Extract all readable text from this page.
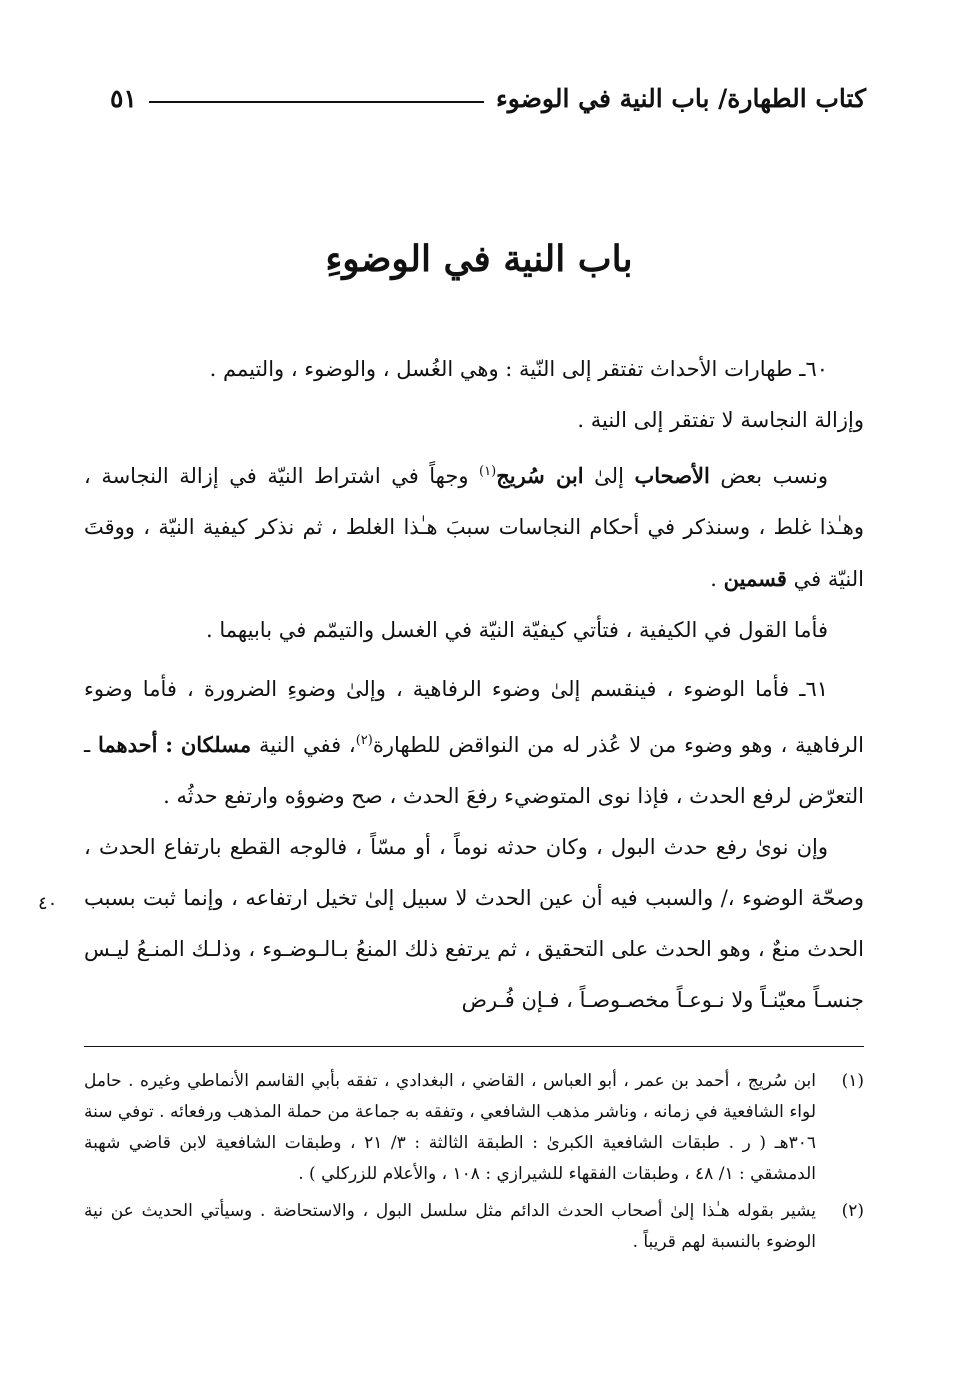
كتاب الطهارة/ باب النية في الوضوء
٥١
باب النية في الوضوءِ

٦٠ـ طهارات الأحداث تفتقر إلى النّية : وهي الغُسل ، والوضوء ، والتيمم .

وإزالة النجاسة لا تفتقر إلى النية .

ونسب بعض الأصحاب إلىٰ ابن سُريج$^{(١)}$ وجهاً في اشتراط النيّة في إزالة النجاسة ، وهـٰذا غلط ، وسنذكر في أحكام النجاسات سببَ هـٰذا الغلط ، ثم نذكر كيفية النيّة ، ووقتَ النيّة في قسمين .

فأما القول في الكيفية ، فتأتي كيفيّة النيّة في الغسل والتيمّم في بابيهما .

٦١ـ فأما الوضوء ، فينقسم إلىٰ وضوء الرفاهية ، وإلىٰ وضوءِ الضرورة ، فأما وضوء الرفاهية ، وهو وضوء من لا عُذر له من النواقض للطهارة$^{(٢)}$، ففي النية مسلكان : أحدهما ـ التعرّض لرفع الحدث ، فإذا نوى المتوضيء رفعَ الحدث ، صح وضوؤه وارتفع حدثُه .

وإن نوىٰ رفع حدث البول ، وكان حدثه نوماً ، أو مسّاً ، فالوجه القطع بارتفاع الحدث ، وصحّة الوضوء ،/ والسبب فيه أن عين الحدث لا سبيل إلىٰ تخيل ارتفاعه ، وإنما ثبت بسبب الحدث منعٌ ، وهو الحدث على التحقيق ، ثم يرتفع ذلك المنعُ بـالـوضـوء ، وذلـك المنـعُ ليـس جنسـاً معيّنـاً ولا نـوعـاً مخصـوصـاً ، فـإن فُـرض

٤٠
(١)
ابن سُريج ، أحمد بن عمر ، أبو العباس ، القاضي ، البغدادي ، تفقه بأبي القاسم الأنماطي وغيره . حامل لواء الشافعية في زمانه ، وناشر مذهب الشافعي ، وتفقه به جماعة من حملة المذهب ورفعائه . توفي سنة ٣٠٦هـ ( ر . طبقات الشافعية الكبرىٰ : الطبقة الثالثة : ٣/ ٢١ ، وطبقات الشافعية لابن قاضي شهبة الدمشقي : ١/ ٤٨ ، وطبقات الفقهاء للشيرازي : ١٠٨ ، والأعلام للزركلي ) .
(٢)
يشير بقوله هـٰذا إلىٰ أصحاب الحدث الدائم مثل سلسل البول ، والاستحاضة . وسيأتي الحديث عن نية الوضوء بالنسبة لهم قريباً .
